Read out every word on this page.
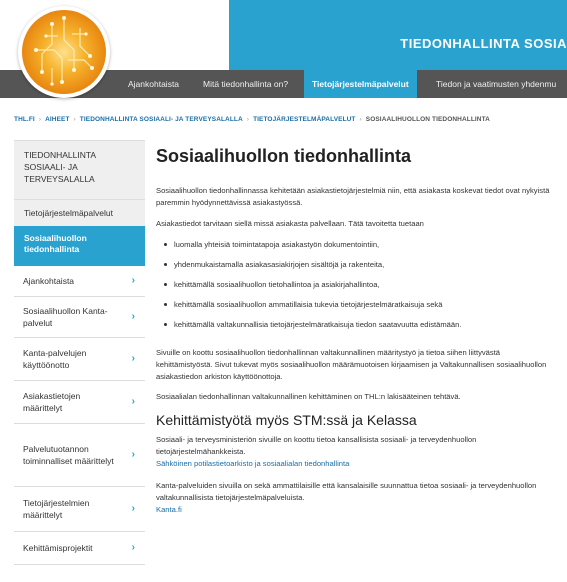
TIEDONHALLINTA SOSIA
Ajankohtaista	Mitä tiedonhallinta on?	Tietojärjestelmäpalvelut	Tiedon ja vaatimusten yhdenmu
THL.FI › AIHEET › TIEDONHALLINTA SOSIAALI- JA TERVEYSALALLA › TIETOJÄRJESTELMÄPALVELUT › SOSIAALIHUOLLON TIEDONHALLINTA
TIEDONHALLINTA SOSIAALI- JA TERVEYSALALLA
Tietojärjestelmäpalvelut
Sosiaalihuollon tiedonhallinta
Ajankohtaista	›
Sosiaalihuollon Kanta-palvelut
›
Kanta-palvelujen käyttöönotto
›
Asiakastietojen määrittelyt
›
Palvelutuotannon toiminnalliset määrittelyt
›
Tietojärjestelmien määrittelyt
›
Kehittämisprojektit	›
Sosiaalihuollon tiedonhallinta

Sosiaalihuollon tiedonhallinnassa kehitetään asiakastietojärjestelmiä niin, että asiakasta koskevat tiedot ovat nykyistä paremmin hyödynnettävissä asiakastyössä.

Asiakastiedot tarvitaan siellä missä asiakasta palvellaan. Tätä tavoitetta tuetaan

luomalla yhteisiä toimintatapoja asiakastyön dokumentointiin,
yhdenmukaistamalla asiakasasiakirjojen sisältöjä ja rakenteita,
kehittämällä sosiaalihuollon tietohallintoa ja asiakirjahallintoa,
kehittämällä sosiaalihuollon ammatillaisia tukevia tietojärjestelmäratkaisuja sekä
kehittämällä valtakunnallisia tietojärjestelmäratkaisuja tiedon saatavuutta edistämään.

Sivuille on koottu sosiaalihuollon tiedonhallinnan valtakunnallinen määritystyö ja tietoa siihen liittyvästä kehittämistyöstä. Sivut tukevat myös sosiaalihuollon määrämuotoisen kirjaamisen ja Valtakunnallisen sosiaalihuollon asiakastiedon arkiston käyttöönottoja.

Sosiaalialan tiedonhallinnan valtakunnallinen kehittäminen on THL:n lakisääteinen tehtävä.

Kehittämistyötä myös STM:ssä ja Kelassa

Sosiaali- ja terveysministeriön sivuille on koottu tietoa kansallisista sosiaali- ja terveydenhuollon tietojärjestelmähankkeista.

Sähköinen potilastietoarkisto ja sosiaalialan tiedonhallinta

Kanta-palveluiden sivuilla on sekä ammattilaisille että kansalaisille suunnattua tietoa sosiaali- ja terveydenhuollon valtakunnallisista tietojärjestelmäpalveluista.

Kanta.fi
